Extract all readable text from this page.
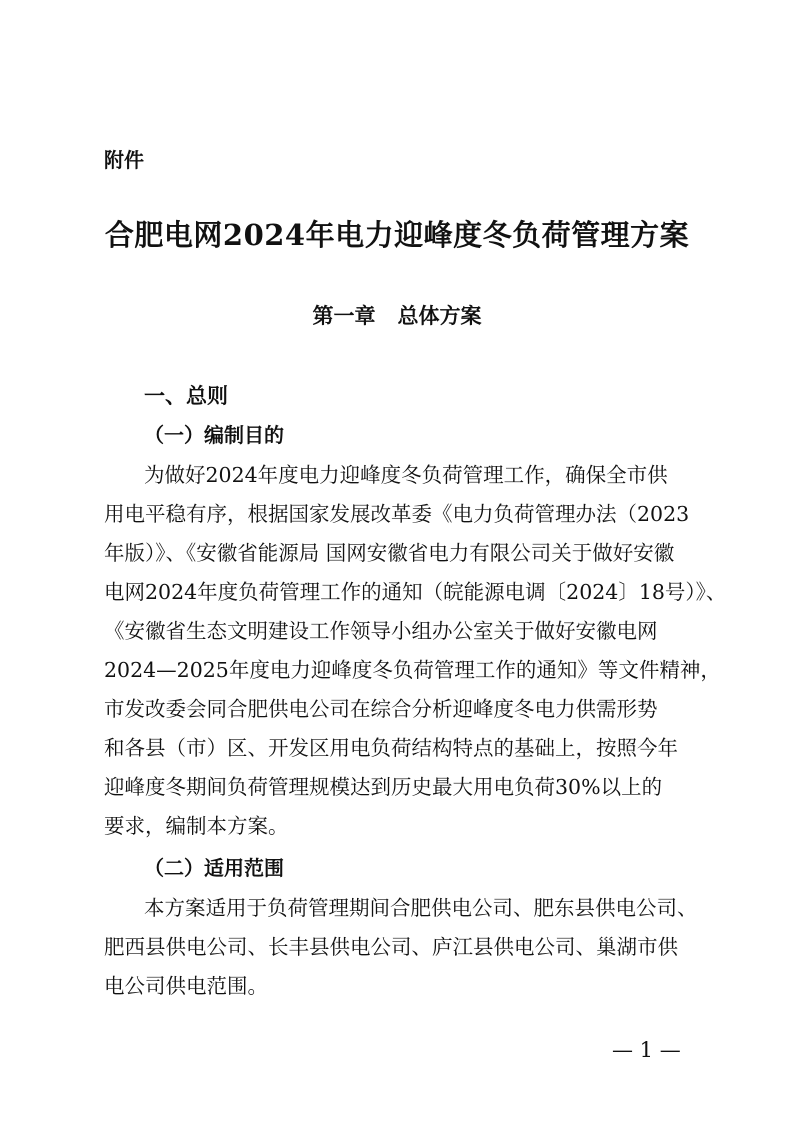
附件
合肥电网2024年电力迎峰度冬负荷管理方案
第一章 总体方案
一、总则
（一）编制目的
为做好2024年度电力迎峰度冬负荷管理工作，确保全市供
用电平稳有序，根据国家发展改革委《电力负荷管理办法（2023
年版）》、《安徽省能源局 国网安徽省电力有限公司关于做好安徽
电网2024年度负荷管理工作的通知（皖能源电调〔2024〕18号）》、
《安徽省生态文明建设工作领导小组办公室关于做好安徽电网
2024—2025年度电力迎峰度冬负荷管理工作的通知》等文件精神，
市发改委会同合肥供电公司在综合分析迎峰度冬电力供需形势
和各县（市）区、开发区用电负荷结构特点的基础上，按照今年
迎峰度冬期间负荷管理规模达到历史最大用电负荷30%以上的
要求，编制本方案。
（二）适用范围
本方案适用于负荷管理期间合肥供电公司、肥东县供电公司、
肥西县供电公司、长丰县供电公司、庐江县供电公司、巢湖市供
电公司供电范围。
— 1 —
